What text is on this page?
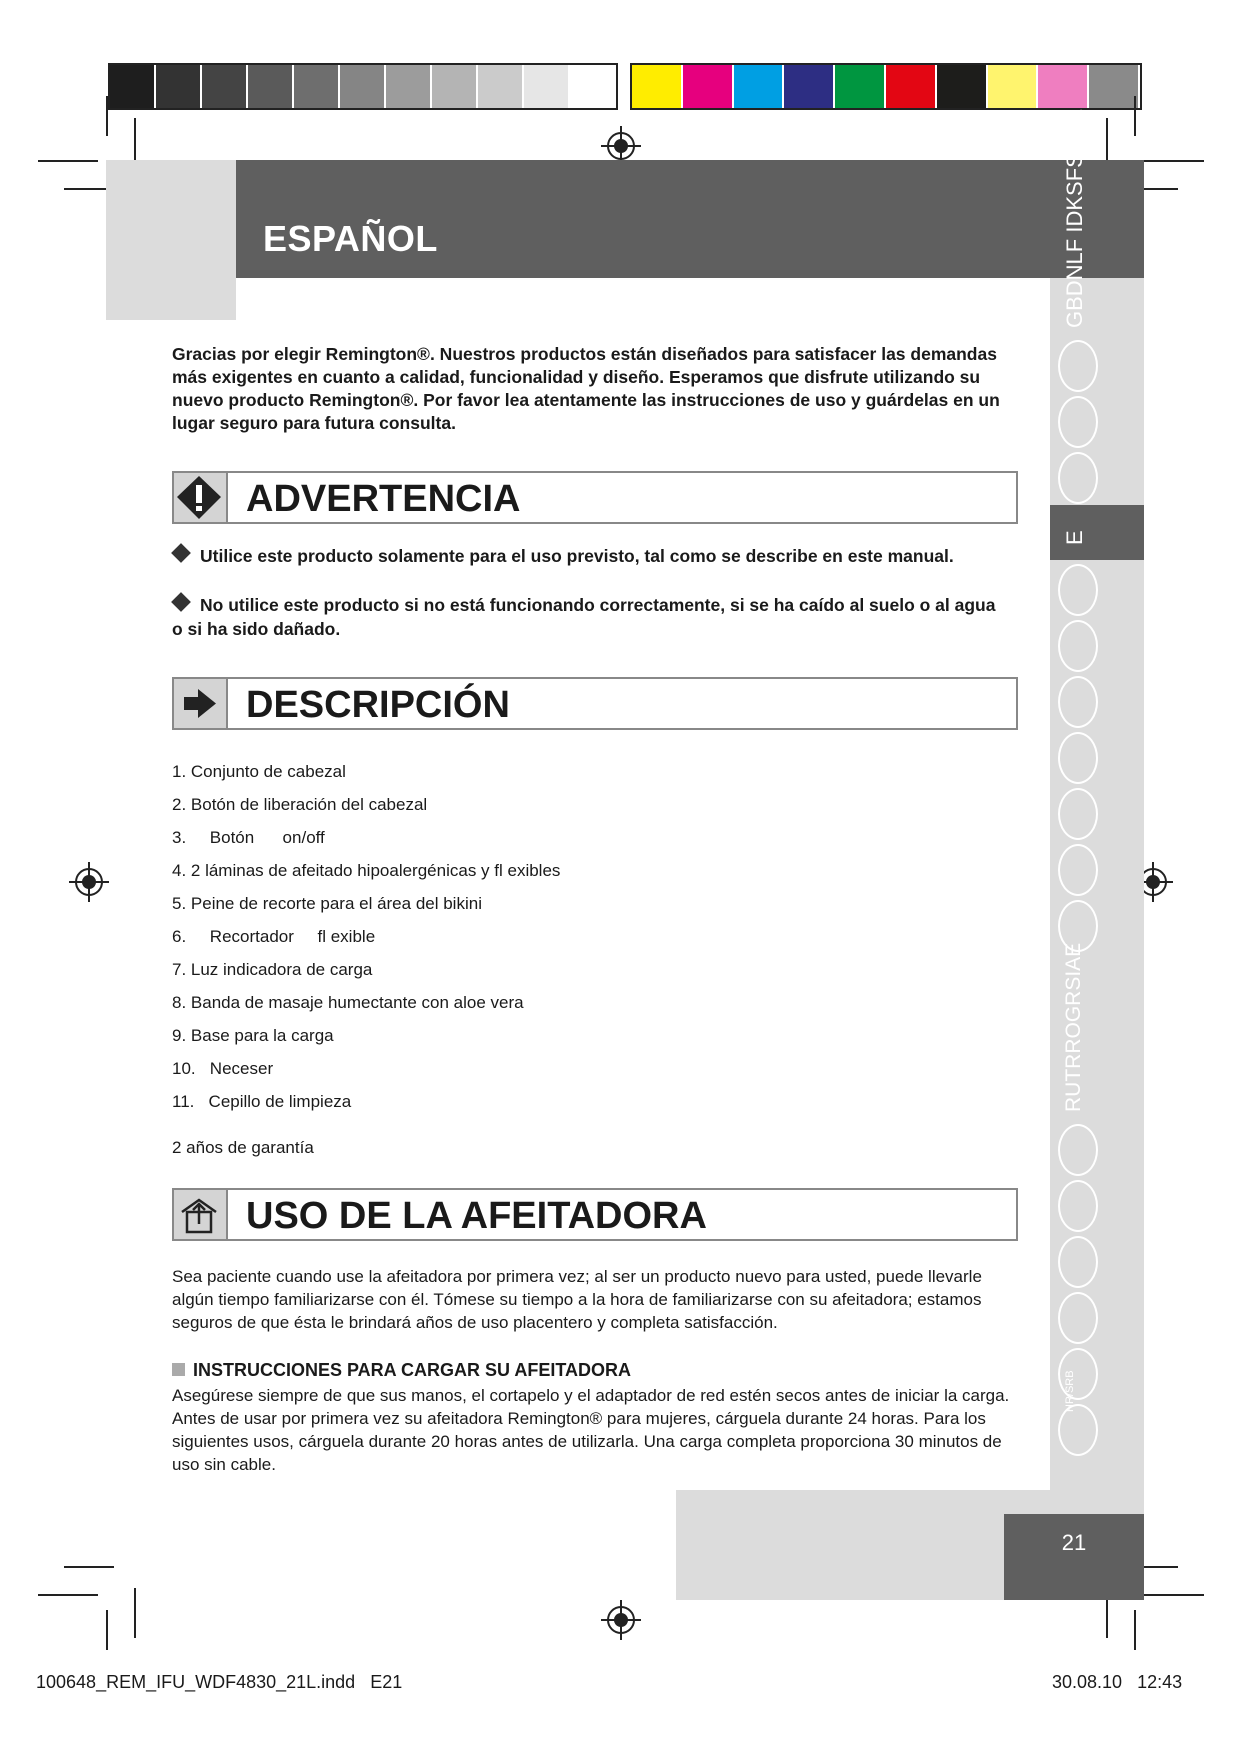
ESPAÑOL	GBDNLF IDKSFSKCZ
E
RUTRROGRSIAE
HR/SRB
21
Gracias por elegir Remington®. Nuestros productos están diseñados para satisfacer las demandas más exigentes en cuanto a calidad, funcionalidad y diseño. Esperamos que disfrute utilizando su nuevo producto Remington®. Por favor lea atentamente las instrucciones de uso y guárdelas en un lugar seguro para futura consulta.
ADVERTENCIA
Utilice este producto solamente para el uso previsto, tal como se describe en este manual.
No utilice este producto si no está funcionando correctamente, si se ha caído al suelo o al agua o si ha sido dañado.
DESCRIPCIÓN
1. Conjunto de cabezal
2. Botón de liberación del cabezal
3.     Botón      on/off
4. 2 láminas de afeitado hipoalergénicas y fl exibles
5. Peine de recorte para el área del bikini
6.     Recortador     fl exible
7. Luz indicadora de carga
8. Banda de masaje humectante con aloe vera
9. Base para la carga
10.   Neceser
11.   Cepillo de limpieza
2 años de garantía
USO DE LA AFEITADORA
Sea paciente cuando use la afeitadora por primera vez; al ser un producto nuevo para usted, puede llevarle algún tiempo familiarizarse con él. Tómese su tiempo a la hora de familiarizarse con su afeitadora; estamos seguros de que ésta le brindará años de uso placentero y completa satisfacción.
INSTRUCCIONES PARA CARGAR SU AFEITADORA
Asegúrese siempre de que sus manos, el cortapelo y el adaptador de red estén secos antes de iniciar la carga. Antes de usar por primera vez su afeitadora Remington® para mujeres, cárguela durante 24 horas. Para los siguientes usos, cárguela durante 20 horas antes de utilizarla. Una carga completa proporciona 30 minutos de uso sin cable.
100648_REM_IFU_WDF4830_21L.indd   E21	30.08.10   12:43
